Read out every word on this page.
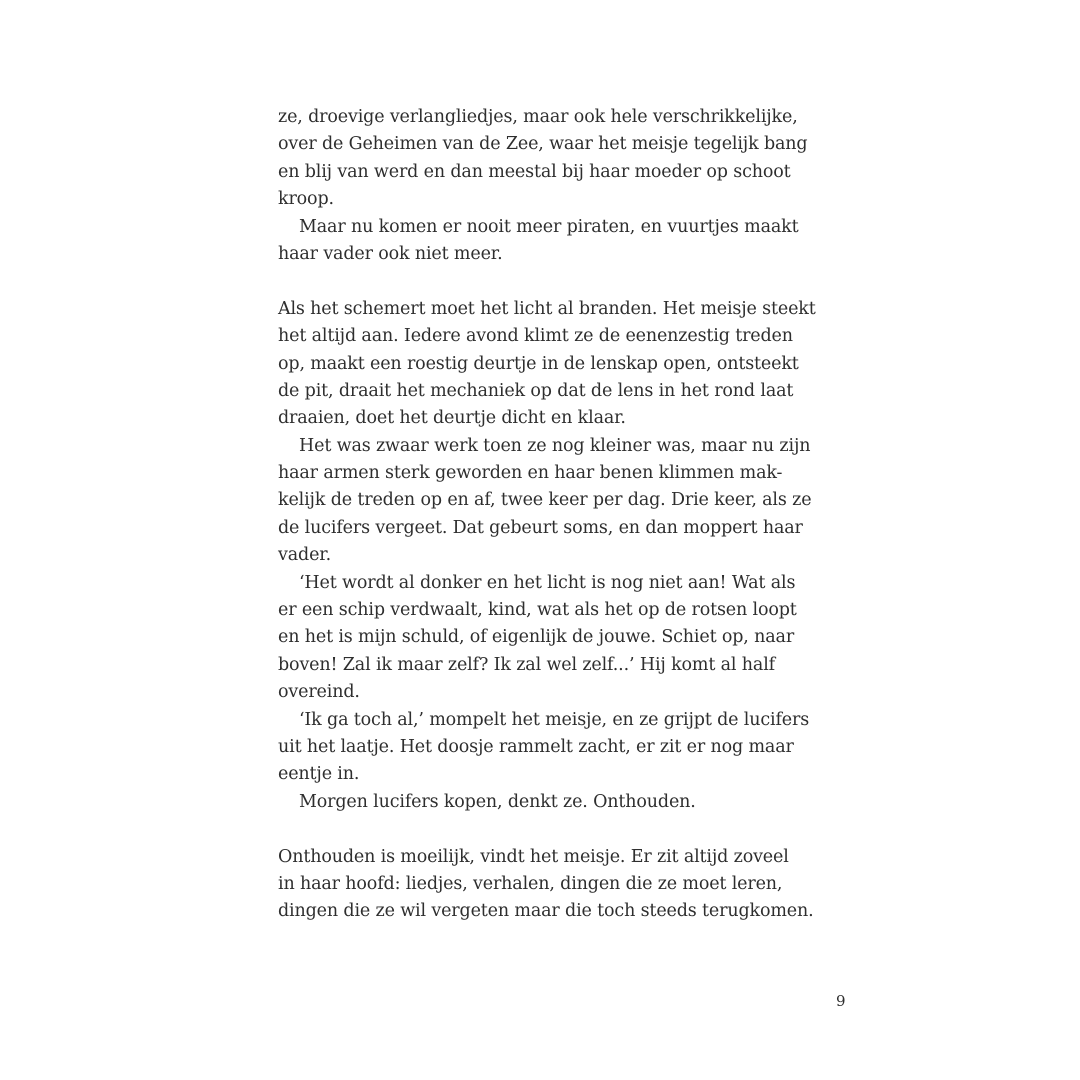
ze, droevige verlangliedjes, maar ook hele verschrikkelijke,
over de Geheimen van de Zee, waar het meisje tegelijk bang
en blij van werd en dan meestal bij haar moeder op schoot
kroop.
Maar nu komen er nooit meer piraten, en vuurtjes maakt
haar vader ook niet meer.
Als het schemert moet het licht al branden. Het meisje steekt
het altijd aan. Iedere avond klimt ze de eenenzestig treden
op, maakt een roestig deurtje in de lenskap open, ontsteekt
de pit, draait het mechaniek op dat de lens in het rond laat
draaien, doet het deurtje dicht en klaar.
Het was zwaar werk toen ze nog kleiner was, maar nu zijn
haar armen sterk geworden en haar benen klimmen mak-
kelijk de treden op en af, twee keer per dag. Drie keer, als ze
de lucifers vergeet. Dat gebeurt soms, en dan moppert haar
vader.
‘Het wordt al donker en het licht is nog niet aan! Wat als
er een schip verdwaalt, kind, wat als het op de rotsen loopt
en het is mijn schuld, of eigenlijk de jouwe. Schiet op, naar
boven! Zal ik maar zelf? Ik zal wel zelf...’ Hij komt al half
overeind.
‘Ik ga toch al,’ mompelt het meisje, en ze grijpt de lucifers
uit het laatje. Het doosje rammelt zacht, er zit er nog maar
eentje in.
Morgen lucifers kopen, denkt ze. Onthouden.
Onthouden is moeilijk, vindt het meisje. Er zit altijd zoveel
in haar hoofd: liedjes, verhalen, dingen die ze moet leren,
dingen die ze wil vergeten maar die toch steeds terugkomen.
9
